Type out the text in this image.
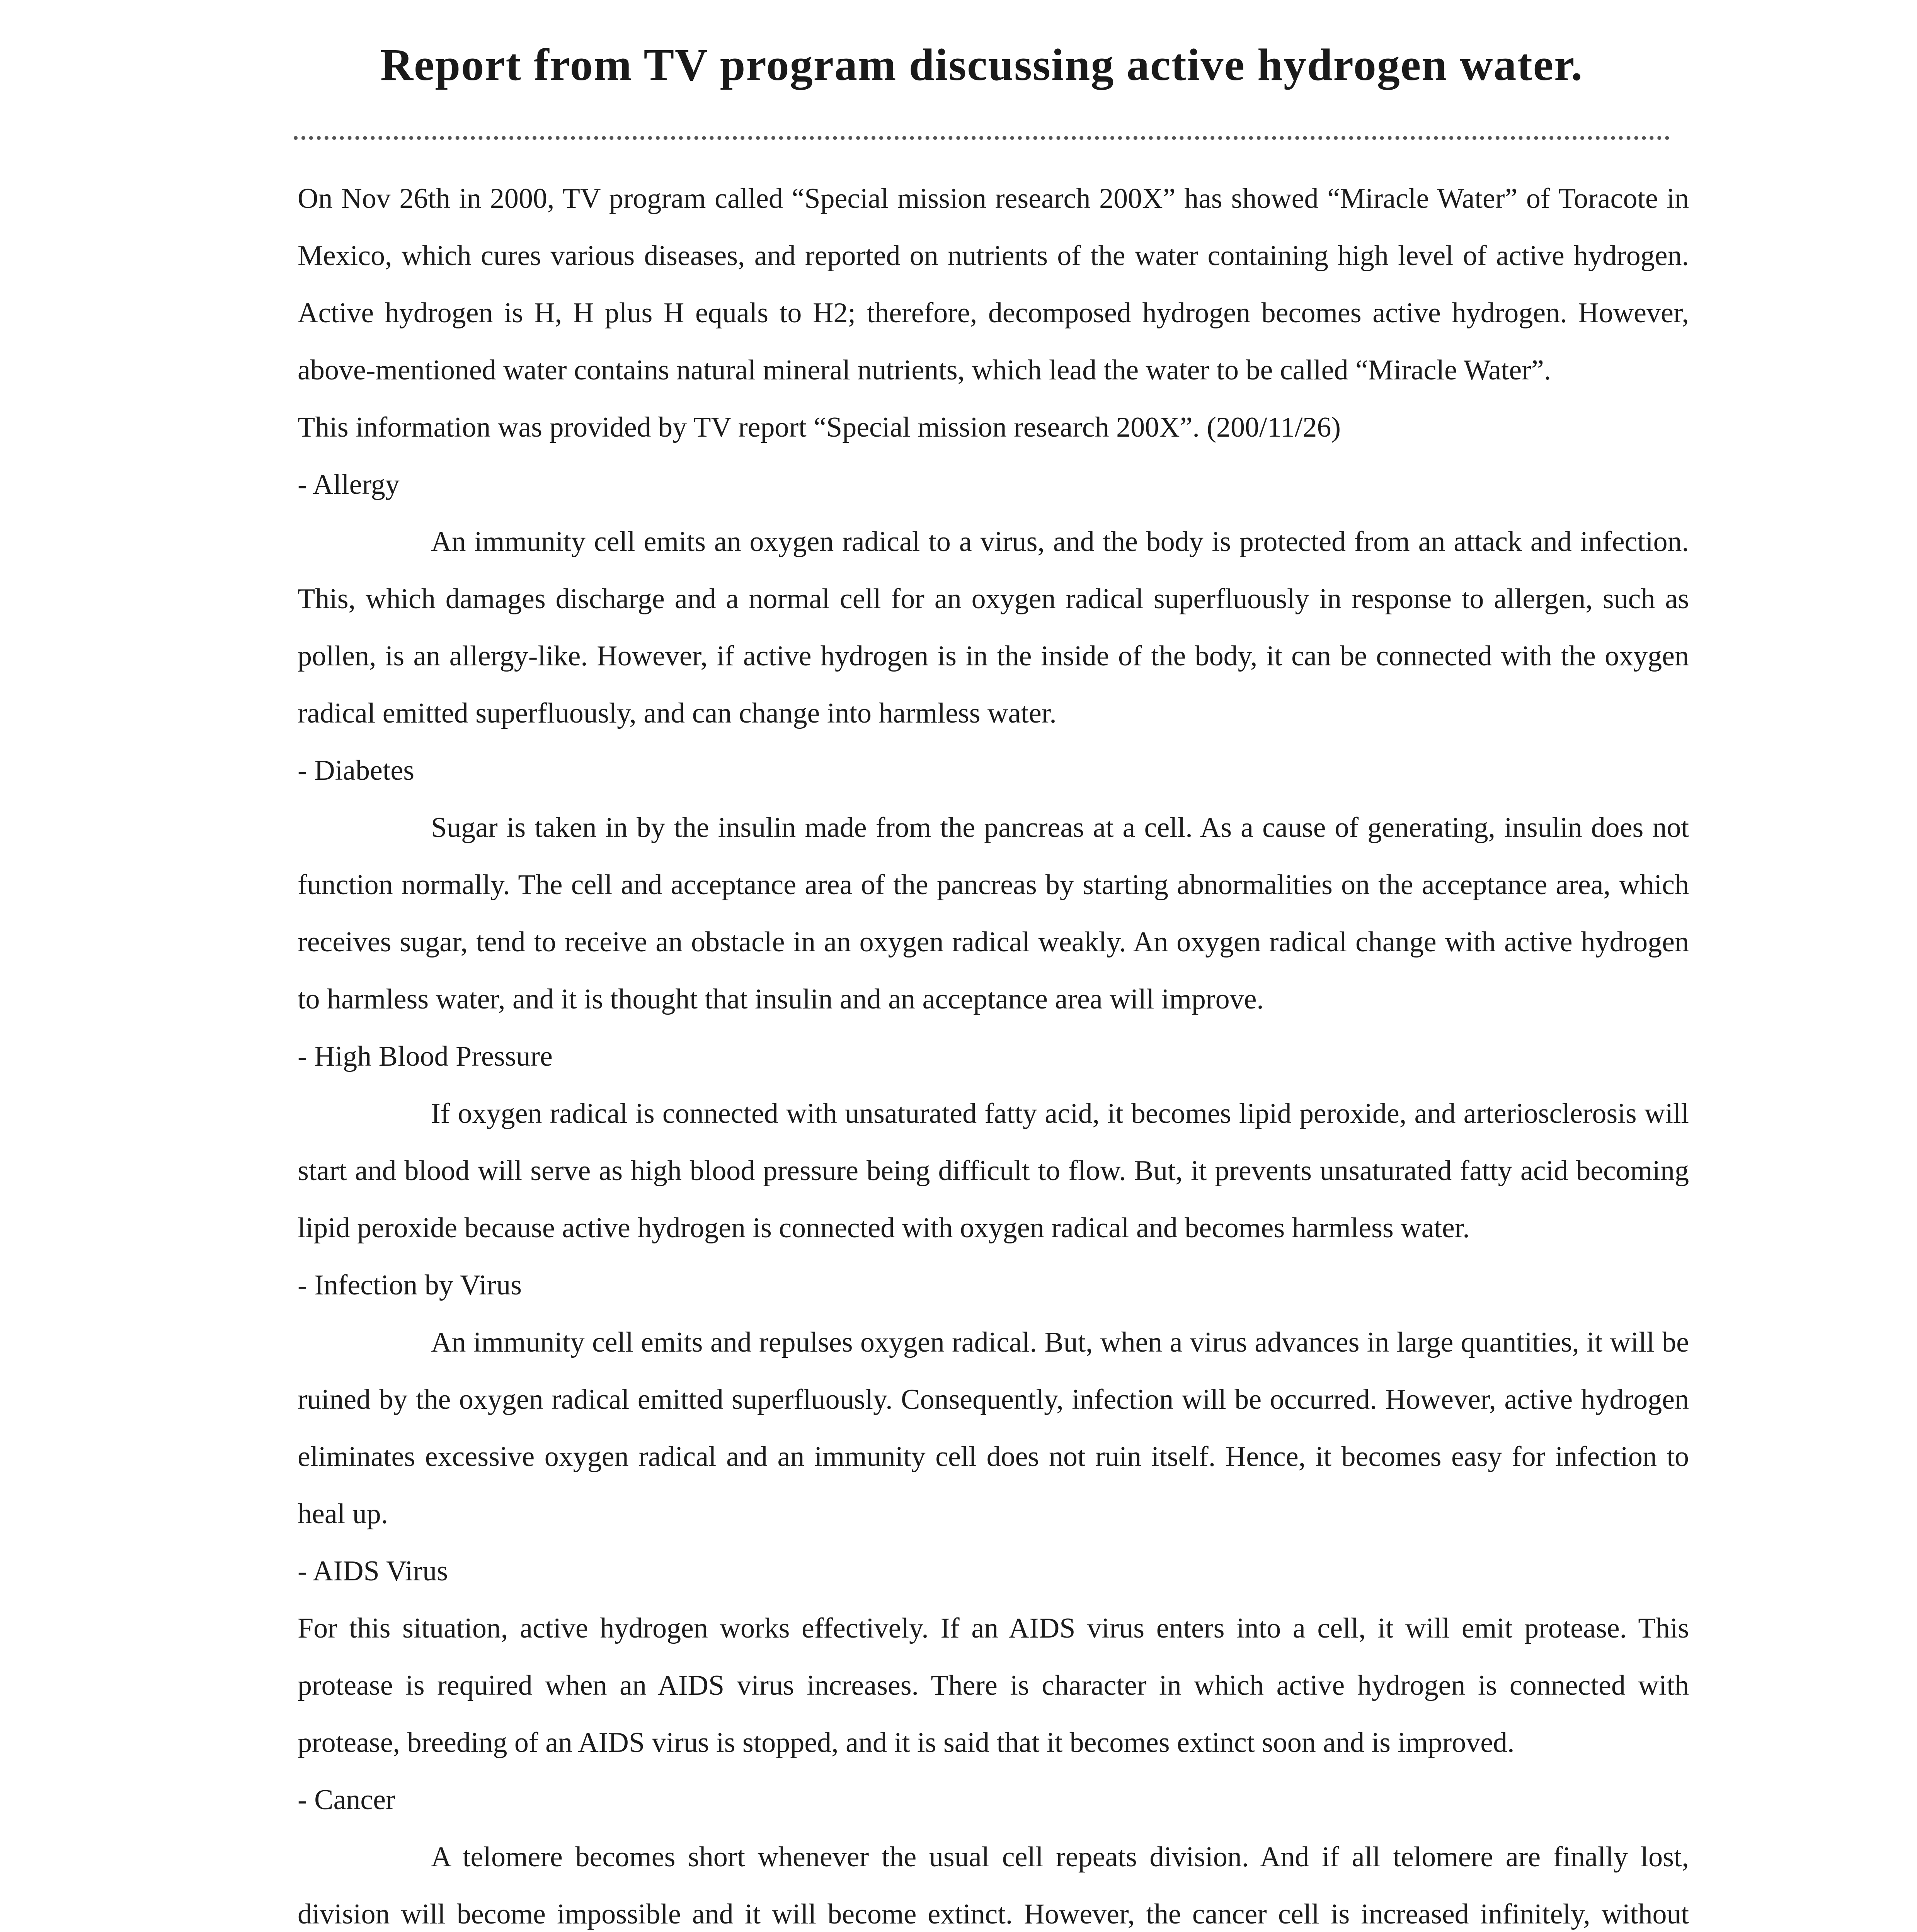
Report from TV program discussing active hydrogen water.

On Nov 26th in 2000, TV program called “Special mission research 200X” has showed “Miracle Water” of Toracote in Mexico, which cures various diseases, and reported on nutrients of the water containing high level of active hydrogen. Active hydrogen is H, H plus H equals to H2; therefore, decomposed hydrogen becomes active hydrogen. However, above-mentioned water contains natural mineral nutrients, which lead the water to be called “Miracle Water”.

This information was provided by TV report “Special mission research 200X”. (200/11/26)

- Allergy

An immunity cell emits an oxygen radical to a virus, and the body is protected from an attack and infection. This, which damages discharge and a normal cell for an oxygen radical superfluously in response to allergen, such as pollen, is an allergy-like. However, if active hydrogen is in the inside of the body, it can be connected with the oxygen radical emitted superfluously, and can change into harmless water.

- Diabetes

Sugar is taken in by the insulin made from the pancreas at a cell. As a cause of generating, insulin does not function normally. The cell and acceptance area of the pancreas by starting abnormalities on the acceptance area, which receives sugar, tend to receive an obstacle in an oxygen radical weakly. An oxygen radical change with active hydrogen to harmless water, and it is thought that insulin and an acceptance area will improve.

- High Blood Pressure

If oxygen radical is connected with unsaturated fatty acid, it becomes lipid peroxide, and arteriosclerosis will start and blood will serve as high blood pressure being difficult to flow. But, it prevents unsaturated fatty acid becoming lipid peroxide because active hydrogen is connected with oxygen radical and becomes harmless water.

- Infection by Virus

An immunity cell emits and repulses oxygen radical. But, when a virus advances in large quantities, it will be ruined by the oxygen radical emitted superfluously. Consequently, infection will be occurred. However, active hydrogen eliminates excessive oxygen radical and an immunity cell does not ruin itself. Hence, it becomes easy for infection to heal up.

- AIDS Virus

For this situation, active hydrogen works effectively. If an AIDS virus enters into a cell, it will emit protease. This protease is required when an AIDS virus increases. There is character in which active hydrogen is connected with protease, breeding of an AIDS virus is stopped, and it is said that it becomes extinct soon and is improved.

- Cancer

A telomere becomes short whenever the usual cell repeats division. And if all telomere are finally lost, division will become impossible and it will become extinct. However, the cancer cell is increased infinitely, without
